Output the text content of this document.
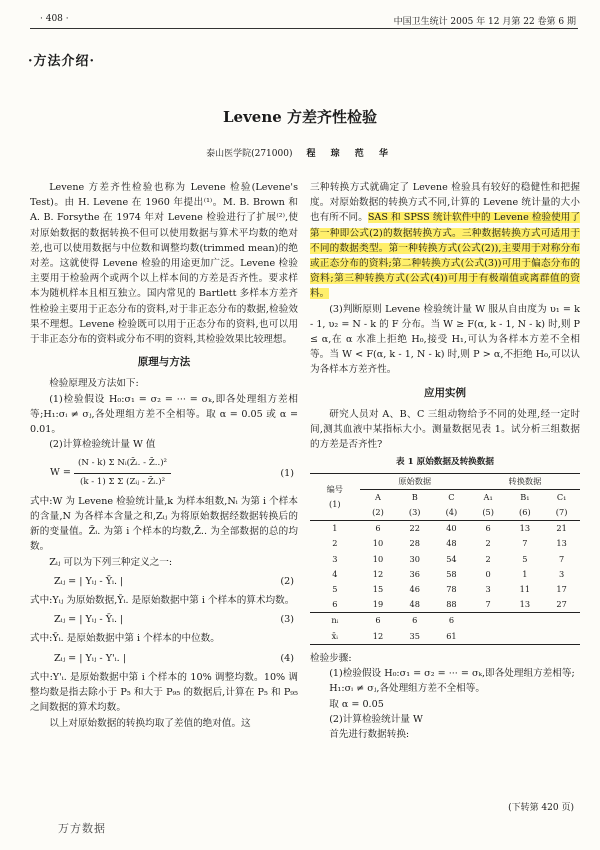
· 408 ·	中国卫生统计 2005 年 12 月第 22 卷第 6 期
·方法介绍·
Levene 方差齐性检验
泰山医学院(271000) 程 琮 范 华

Levene 方差齐性检验也称为 Levene 检验(Levene's Test)。由 H. Levene 在 1960 年提出⁽¹⁾。M. B. Brown 和 A. B. Forsythe 在 1974 年对 Levene 检验进行了扩展⁽²⁾,使对原始数据的数据转换不但可以使用数据与算术平均数的绝对差,也可以使用数据与中位数和调整均数(trimmed mean)的绝对差。这就使得 Levene 检验的用途更加广泛。Levene 检验主要用于检验两个或两个以上样本间的方差是否齐性。要求样本为随机样本且相互独立。国内常见的 Bartlett 多样本方差齐性检验主要用于正态分布的资料,对于非正态分布的数据,检验效果不理想。Levene 检验既可以用于正态分布的资料,也可以用于非正态分布的资料或分布不明的资料,其检验效果比较理想。

原理与方法

检验原理及方法如下:

(1)检验假设 H₀:σ₁ = σ₂ = ··· = σₖ,即各处理组方差相等;H₁:σᵢ ≠ σⱼ,各处理组方差不全相等。取 α = 0.05 或 α = 0.01。

(2)计算检验统计量 W 值

$W = \frac{\text{(N - k) Σ Nᵢ(Z̄ᵢ. - Z̄..)²}}{\text{(k - 1) Σ Σ (Zᵢⱼ - Z̄ᵢ.)²}}$	(1)

式中:W 为 Levene 检验统计量,k 为样本组数,Nᵢ 为第 i 个样本的含量,N 为各样本含量之和,Zᵢⱼ 为将原始数据经数据转换后的新的变量值。Z̄ᵢ. 为第 i 个样本的均数,Z̄.. 为全部数据的总的均数。

Zᵢⱼ 可以为下列三种定义之一:

Zᵢⱼ = | Yᵢⱼ - Ȳᵢ. |	(2)

式中:Yᵢⱼ 为原始数据,Ȳᵢ. 是原始数据中第 i 个样本的算术均数。

Zᵢⱼ = | Yᵢⱼ - Ỹᵢ. |	(3)

式中:Ỹᵢ. 是原始数据中第 i 个样本的中位数。

Zᵢⱼ = | Yᵢⱼ - Y'ᵢ. |	(4)

式中:Y'ᵢ. 是原始数据中第 i 个样本的 10% 调整均数。10% 调整均数是指去除小于 P₅ 和大于 P₉₅ 的数据后,计算在 P₅ 和 P₉₅ 之间数据的算术均数。

以上对原始数据的转换均取了差值的绝对值。这

三种转换方式就确定了 Levene 检验具有较好的稳健性和把握度。对原始数据的转换方式不同,计算的 Levene 统计量的大小也有所不同。SAS 和 SPSS 统计软件中的 Levene 检验使用了第一种即公式(2)的数据转换方式。三种数据转换方式可适用于不同的数据类型。第一种转换方式(公式(2)),主要用于对称分布或正态分布的资料;第二种转换方式(公式(3))可用于偏态分布的资料;第三种转换方式(公式(4))可用于有极端值或离群值的资料。

(3)判断原则 Levene 检验统计量 W 服从自由度为 υ₁ = k - 1, υ₂ = N - k 的 F 分布。当 W ≥ F(α, k - 1, N - k) 时,则 P ≤ α,在 α 水准上拒绝 H₀,接受 H₁,可认为各样本方差不全相等。当 W < F(α, k - 1, N - k) 时,则 P > α,不拒绝 H₀,可以认为各样本方差齐性。

应用实例

研究人员对 A、B、C 三组动物给予不同的处理,经一定时间,测其血液中某指标大小。测量数据见表 1。试分析三组数据的方差是否齐性?

表 1 原始数据及转换数据
编号
(1)	原始数据			转换数据		
	A	B	C	A₁	B₁	C₁
	(2)	(3)	(4)	(5)	(6)	(7)
1	6	22	40	6	13	21
2	10	28	48	2	7	13
3	10	30	54	2	5	7
4	12	36	58	0	1	3
5	15	46	78	3	11	17
6	19	48	88	7	13	27
nᵢ	6	6	6			
x̄ᵢ	12	35	61			

检验步骤:

(1)检验假设 H₀:σ₁ = σ₂ = ··· = σₖ,即各处理组方差相等;

H₁:σᵢ ≠ σⱼ,各处理组方差不全相等。

取 α = 0.05

(2)计算检验统计量 W

首先进行数据转换:

(下转第 420 页)
万方数据
